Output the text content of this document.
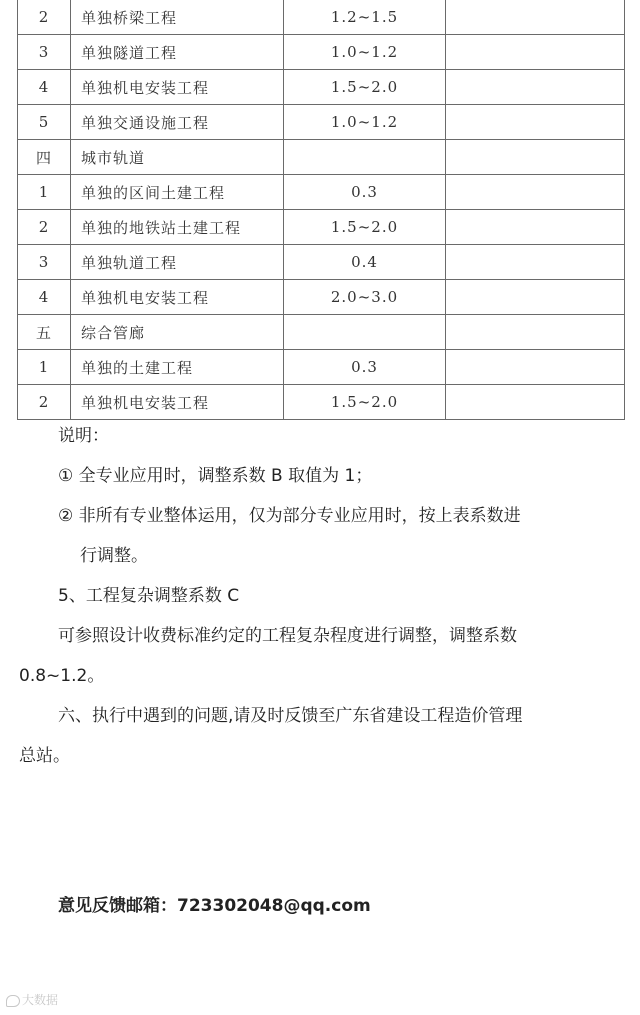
2	单独桥梁工程	1.2~1.5	
3	单独隧道工程	1.0~1.2	
4	单独机电安装工程	1.5~2.0	
5	单独交通设施工程	1.0~1.2	
四	城市轨道		
1	单独的区间土建工程	0.3	
2	单独的地铁站土建工程	1.5~2.0	
3	单独轨道工程	0.4	
4	单独机电安装工程	2.0~3.0	
五	综合管廊		
1	单独的土建工程	0.3	
2	单独机电安装工程	1.5~2.0	

说明：

① 全专业应用时，调整系数 B 取值为 1；

② 非所有专业整体运用，仅为部分专业应用时，按上表系数进

行调整。

5、工程复杂调整系数 C

可参照设计收费标准约定的工程复杂程度进行调整，调整系数

0.8~1.2。

六、执行中遇到的问题,请及时反馈至广东省建设工程造价管理

总站。

意见反馈邮箱：723302048@qq.com
大数据
